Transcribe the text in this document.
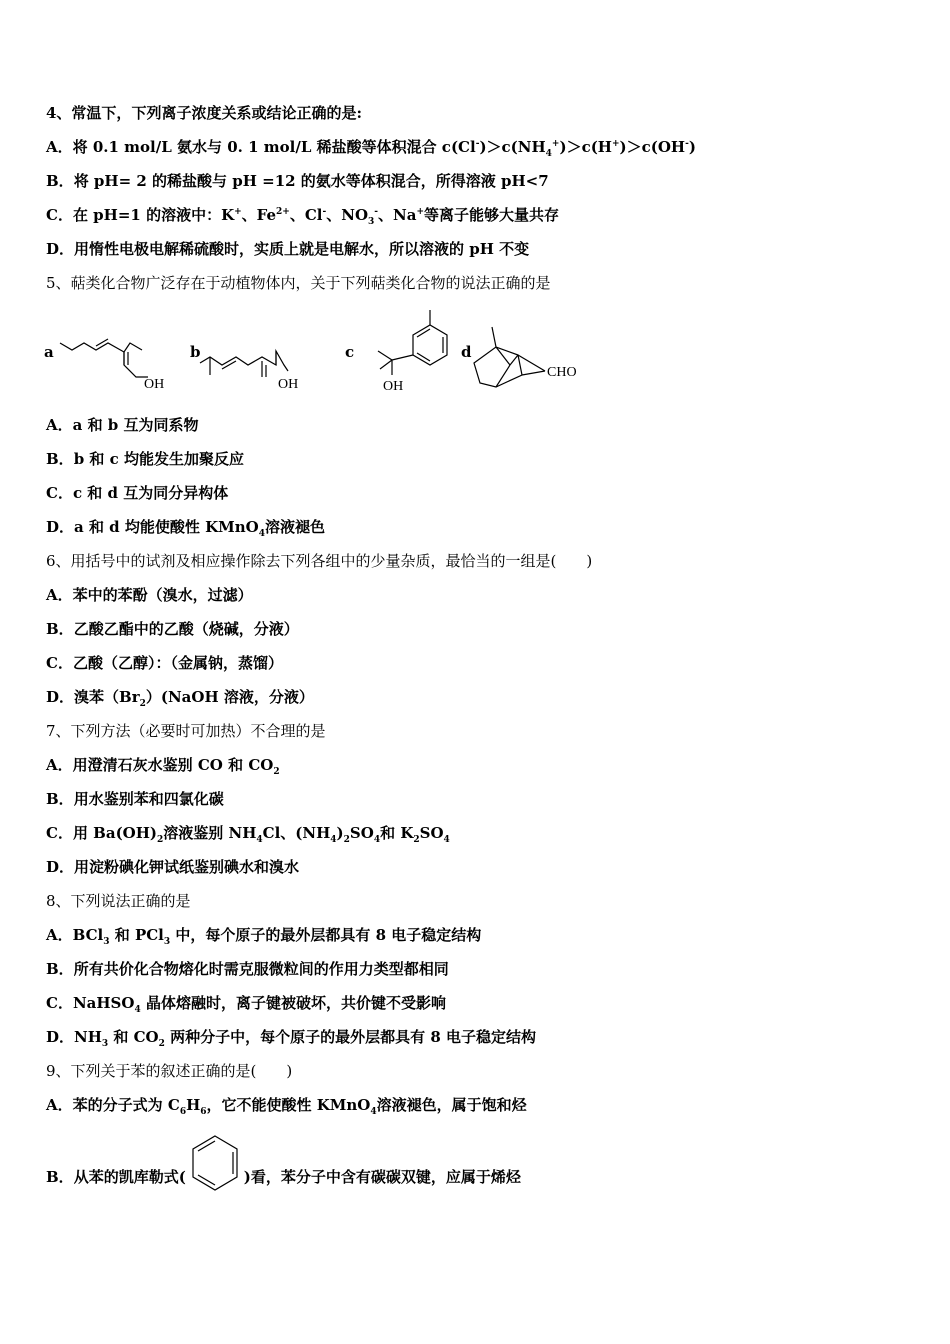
4、常温下，下列离子浓度关系或结论正确的是:
A．将 0.1 mol/L 氨水与 0. 1 mol/L 稀盐酸等体积混合 $c(Cl^-)>c(NH_4^+)>c(H^+)>c(OH^-)$
B．将 pH= 2 的稀盐酸与 pH =12 的氨水等体积混合，所得溶液 pH<7
C．在 pH=1 的溶液中：K+、$Fe^{2+}$、Cl-、$NO_3^-$、Na+等离子能够大量共存
D．用惰性电极电解稀硫酸时，实质上就是电解水，所以溶液的 pH 不变
5、萜类化合物广泛存在于动植物体内，关于下列萜类化合物的说法正确的是
a
OH
b
OH
c
OH
d
CHO
A．a 和 b 互为同系物
B．b 和 c 均能发生加聚反应
C．c 和 d 互为同分异构体
D．a 和 d 均能使酸性 KMnO$_4$溶液褪色
6、用括号中的试剂及相应操作除去下列各组中的少量杂质，最恰当的一组是(　　)
A．苯中的苯酚（溴水，过滤）
B．乙酸乙酯中的乙酸（烧碱，分液）
C．乙酸（乙醇）：（金属钠，蒸馏）
D．溴苯$(Br_2)(NaOH$ 溶液，分液）
7、下列方法（必要时可加热）不合理的是
A．用澄清石灰水鉴别 CO 和 $CO_2$
B．用水鉴别苯和四氯化碳
C．用 $Ba(OH)_2$溶液鉴别 $NH_4Cl$、$(NH_4)_2SO_4$和 $K_2SO_4$
D．用淀粉碘化钾试纸鉴别碘水和溴水
8、下列说法正确的是
A．BCl$_3$ 和 PCl$_3$ 中，每个原子的最外层都具有 8 电子稳定结构
B．所有共价化合物熔化时需克服微粒间的作用力类型都相同
C．NaHSO$_4$ 晶体熔融时，离子键被破坏，共价键不受影响
D．$NH_3$ 和 $CO_2$ 两种分子中，每个原子的最外层都具有 8 电子稳定结构
9、下列关于苯的叙述正确的是(　　)
A．苯的分子式为 $C_6H_6$，它不能使酸性 KMnO$_4$溶液褪色，属于饱和烃
B．从苯的凯库勒式(	)看，苯分子中含有碳碳双键，应属于烯烃
